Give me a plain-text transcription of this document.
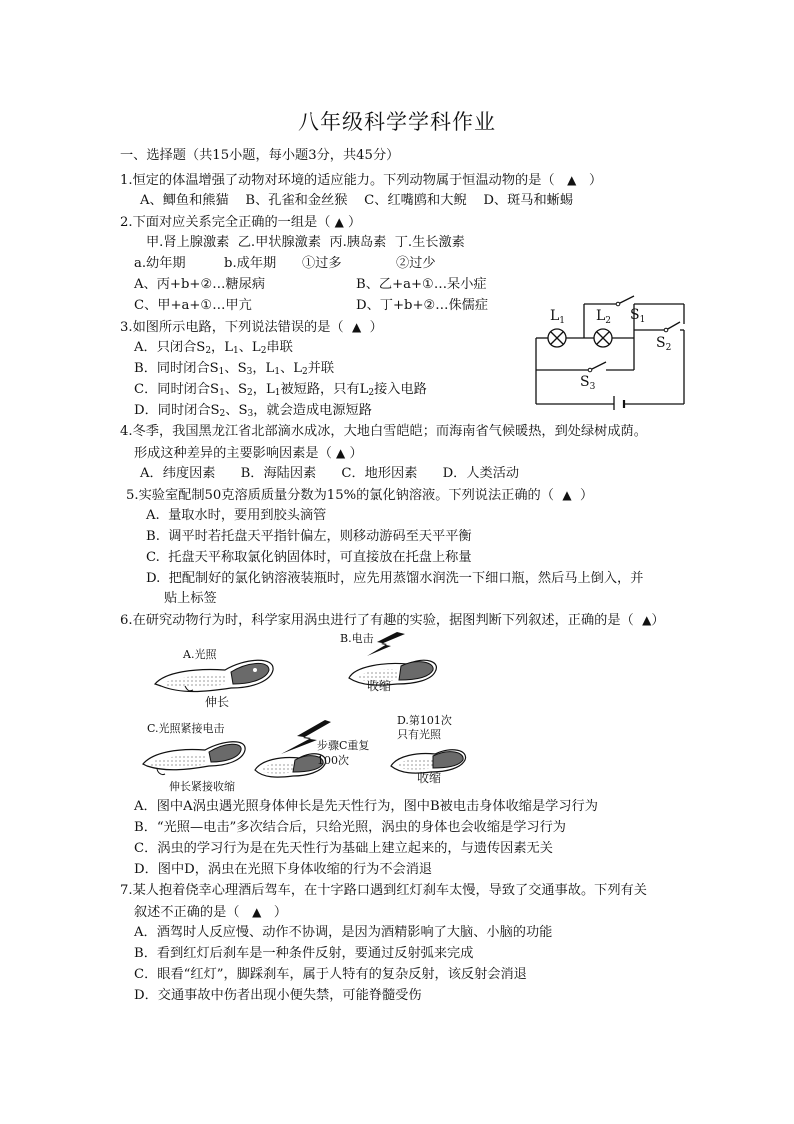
八年级科学学科作业
一、选择题（共15小题，每小题3分，共45分）
1.恒定的体温增强了动物对环境的适应能力。下列动物属于恒温动物的是（ ▲ ）
A、鲫鱼和熊猫    B、孔雀和金丝猴    C、红嘴鸥和大鲵    D、斑马和蜥蜴
2.下面对应关系完全正确的一组是（ ▲ ）
甲.肾上腺激素  乙.甲状腺激素  丙.胰岛素  丁.生长激素
a.幼年期	b.成年期 ①过多	②过少
A、丙+b+②…糖尿病	B、乙+a+①…呆小症
C、甲+a+①…甲亢	D、丁+b+②…侏儒症
3.如图所示电路，下列说法错误的是（ ▲ ）
A．只闭合$S_2$，$L_1$、$L_2$串联
B．同时闭合$S_1$、$S_3$，$L_1$、$L_2$并联
C．同时闭合$S_1$、$S_2$，$L_1$被短路，只有$L_2$接入电路
D．同时闭合$S_2$、$S_3$，就会造成电源短路
$L_1$ $L_2$ $S_1$
$S_2$
$S_3$
4.冬季，我国黑龙江省北部滴水成冰，大地白雪皑皑；而海南省气候暖热，到处绿树成荫。
形成这种差异的主要影响因素是（ ▲ ）
A．纬度因素      B．海陆因素      C．地形因素      D．人类活动
5.实验室配制50克溶质质量分数为15%的氯化钠溶液。下列说法正确的（ ▲ ）
A.  量取水时，要用到胶头滴管
B.  调平时若托盘天平指针偏左，则移动游码至天平平衡
C.  托盘天平称取氯化钠固体时，可直接放在托盘上称量
D.  把配制好的氯化钠溶液装瓶时，应先用蒸馏水润洗一下细口瓶，然后马上倒入，并
贴上标签
6.在研究动物行为时，科学家用涡虫进行了有趣的实验，据图判断下列叙述，正确的是（ ▲）
A.光照
伸长
B.电击
收缩
C.光照紧接电击
步骤C重复
100次
伸长紧接收缩
D.第101次
只有光照
收缩
A．图中A涡虫遇光照身体伸长是先天性行为，图中B被电击身体收缩是学习行为
B．“光照—电击”多次结合后，只给光照，涡虫的身体也会收缩是学习行为
C．涡虫的学习行为是在先天性行为基础上建立起来的，与遗传因素无关
D．图中D，涡虫在光照下身体收缩的行为不会消退
7.某人抱着侥幸心理酒后驾车，在十字路口遇到红灯刹车太慢，导致了交通事故。下列有关
叙述不正确的是（ ▲ ）
A．酒驾时人反应慢、动作不协调，是因为酒精影响了大脑、小脑的功能
B．看到红灯后刹车是一种条件反射，要通过反射弧来完成
C．眼看“红灯”，脚踩刹车，属于人特有的复杂反射，该反射会消退
D．交通事故中伤者出现小便失禁，可能脊髓受伤
